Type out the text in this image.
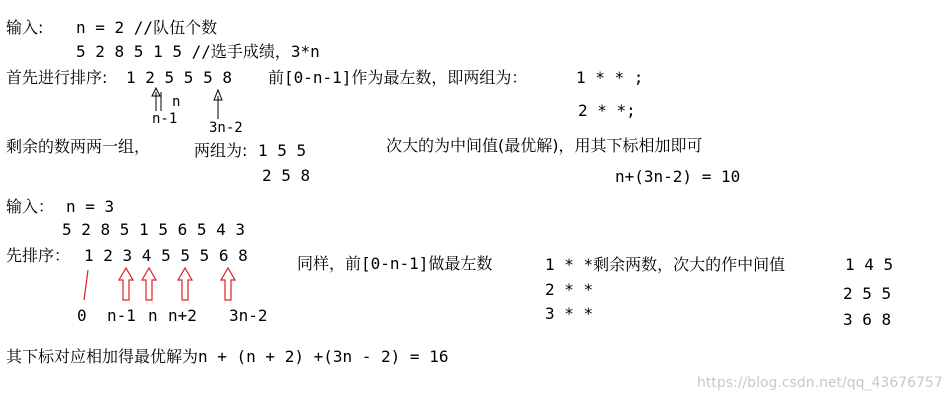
输入: n = 2 //队伍个数
5 2 8 5 1 5 //选手成绩，3*n
首先进行排序: 1 2 5 5 5 8 前[0-n-1]作为最左数，即两组为：	1 * * ;
2 * *;
n
n-1
3n-2
剩余的数两两一组，	两组为: 1 5 5
2 5 8
次大的为中间值(最优解)，用其下标相加即可
n+(3n-2) = 10
输入： n = 3
5 2 8 5 1 5 6 5 4 3
先排序： 1 2 3 4 5 5 5 6 8	同样，前[0-n-1]做最左数	1 * *剩余两数，次大的作中间值
2 * *
3 * *
1 4 5
2 5 5
3 6 8
0 n-1 n n+2 3n-2
其下标对应相加得最优解为n + (n + 2) +(3n - 2) = 16
https://blog.csdn.net/qq_43676757
